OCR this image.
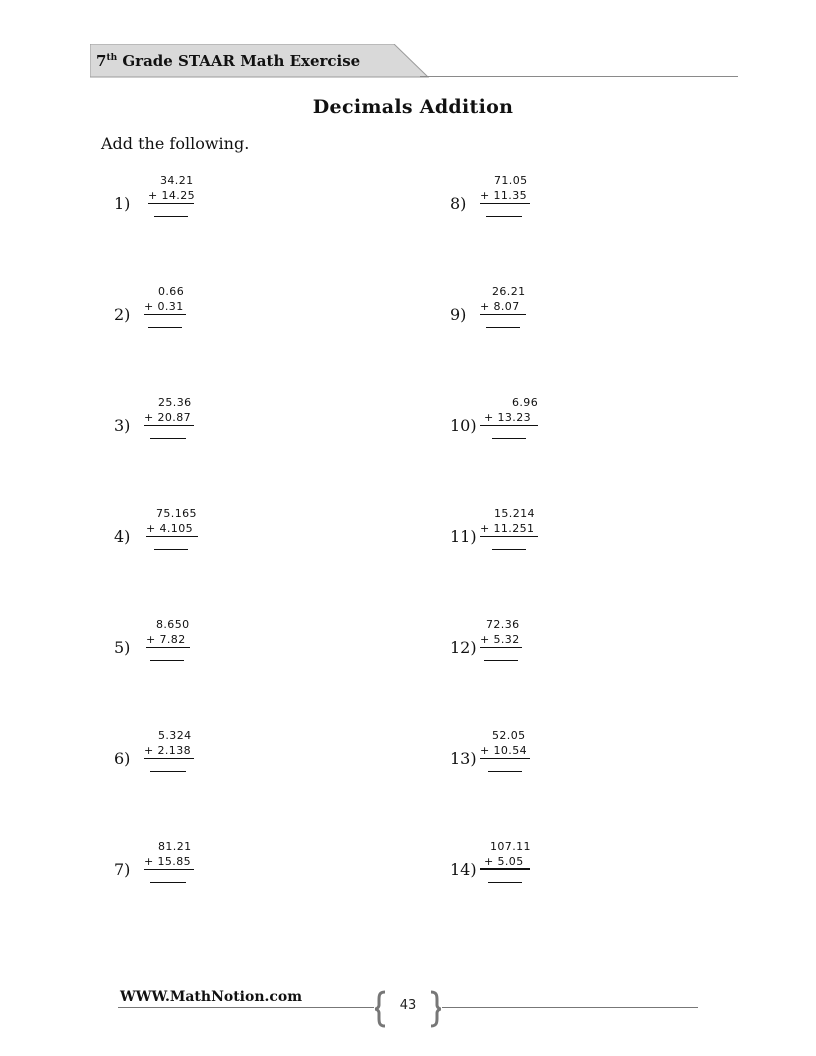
7th Grade STAAR Math Exercise
Decimals Addition
Add the following.
1)
34.21
+ 14.25
2)
0.66
+ 0.31
3)
25.36
+ 20.87
4)
75.165
+ 4.105
5)
8.650
+ 7.82
6)
5.324
+ 2.138
7)
81.21
+ 15.85
8)
71.05
+ 11.35
9)
26.21
+ 8.07
10)
6.96
+ 13.23
11)
15.214
+ 11.251
12)
72.36
+ 5.32
13)
52.05
+ 10.54
14)
107.11
+ 5.05
WWW.MathNotion.com
43
